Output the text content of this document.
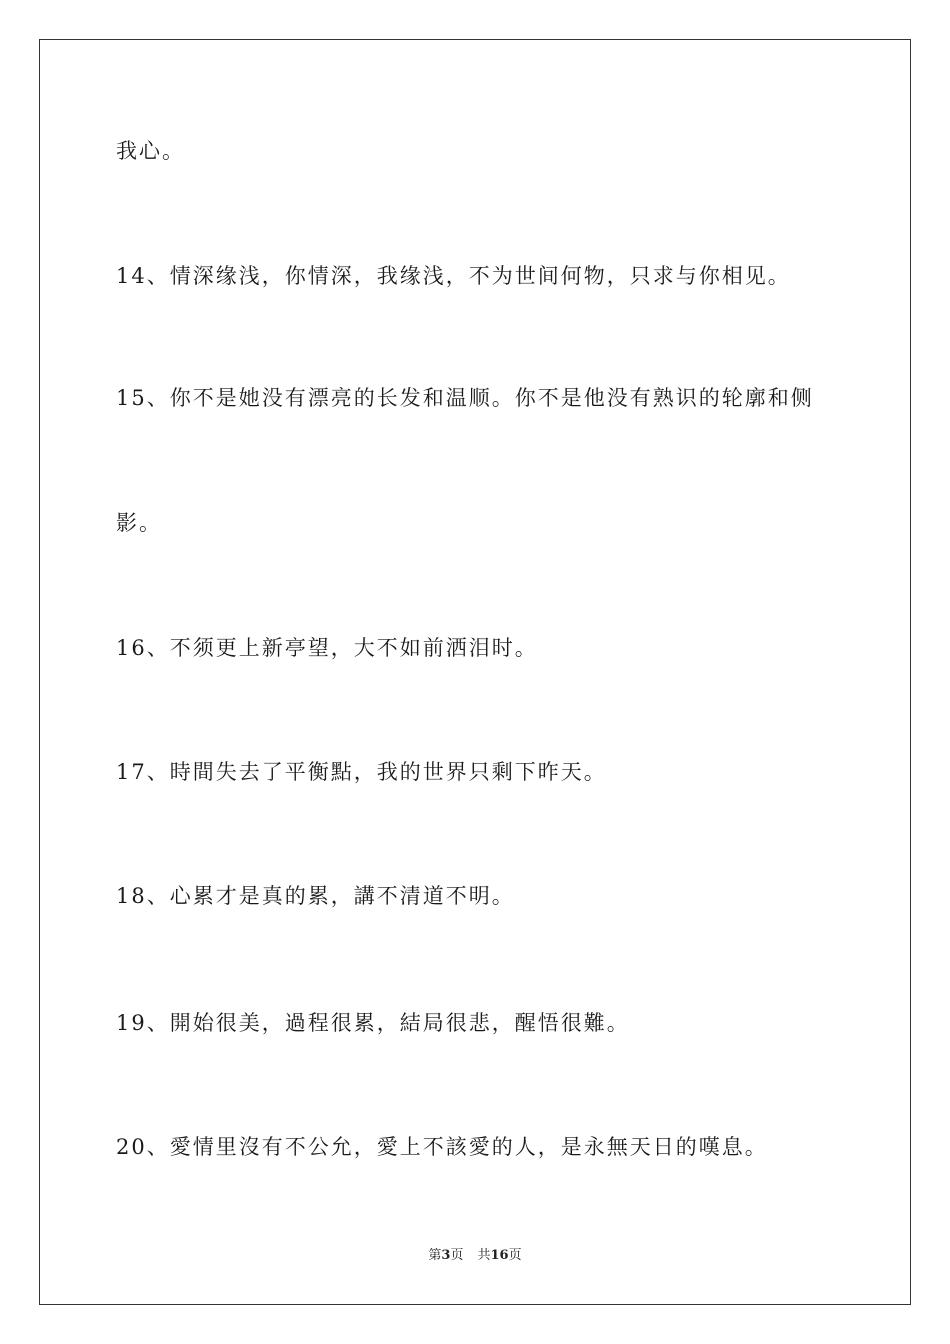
我心。
14、情深缘浅，你情深，我缘浅，不为世间何物，只求与你相见。
15、你不是她没有漂亮的长发和温顺。你不是他没有熟识的轮廓和侧
影。
16、不须更上新亭望，大不如前洒泪时。
17、時間失去了平衡點，我的世界只剩下昨天。
18、心累才是真的累，講不清道不明。
19、開始很美，過程很累，結局很悲，醒悟很難。
20、愛情里沒有不公允，愛上不該愛的人，是永無天日的嘆息。
第3页 共16页
